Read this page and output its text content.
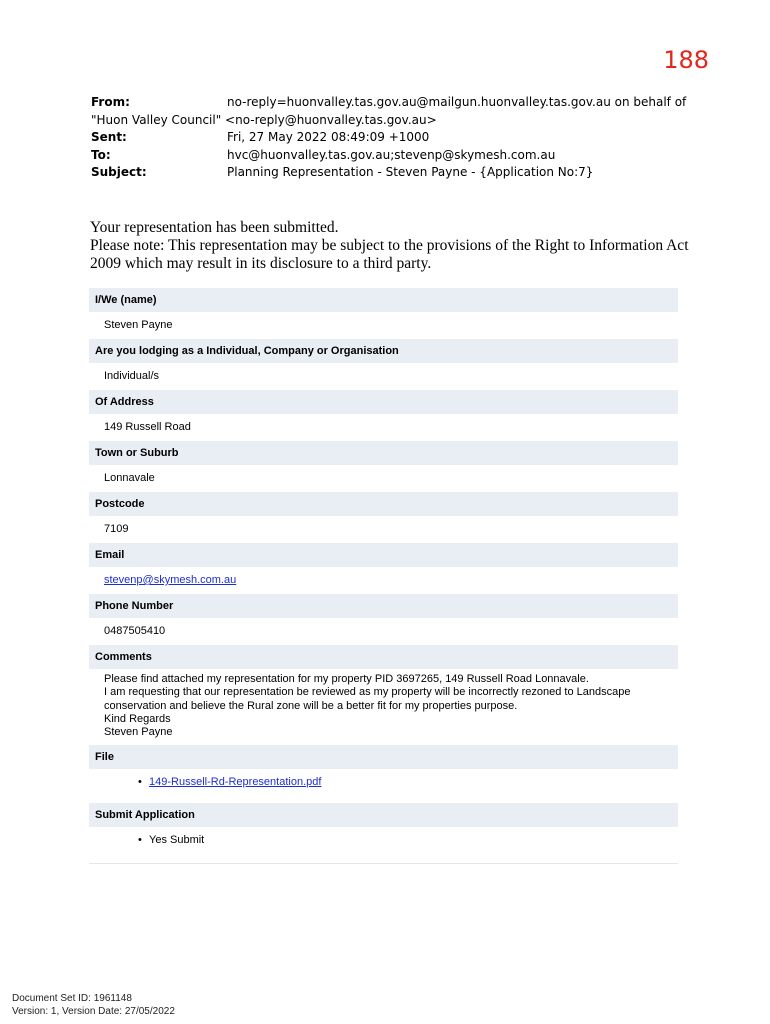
188
From:	no-reply=huonvalley.tas.gov.au@mailgun.huonvalley.tas.gov.au on behalf of
"Huon Valley Council" <no-reply@huonvalley.tas.gov.au>
Sent:	Fri, 27 May 2022 08:49:09 +1000
To:	hvc@huonvalley.tas.gov.au;stevenp@skymesh.com.au
Subject:	Planning Representation - Steven Payne - {Application No:7}

Your representation has been submitted.

Please note: This representation may be subject to the provisions of the Right to Information Act 2009 which may result in its disclosure to a third party.

I/We (name)
Steven Payne
Are you lodging as a Individual, Company or Organisation
Individual/s
Of Address
149 Russell Road
Town or Suburb
Lonnavale
Postcode
7109
Email
stevenp@skymesh.com.au
Phone Number
0487505410
Comments
Please find attached my representation for my property PID 3697265, 149 Russell Road Lonnavale.
I am requesting that our representation be reviewed as my property will be incorrectly rezoned to Landscape
conservation and believe the Rural zone will be a better fit for my properties purpose.
Kind Regards
Steven Payne
File
• 149-Russell-Rd-Representation.pdf
Submit Application
• Yes Submit
Document Set ID: 1961148
Version: 1, Version Date: 27/05/2022
